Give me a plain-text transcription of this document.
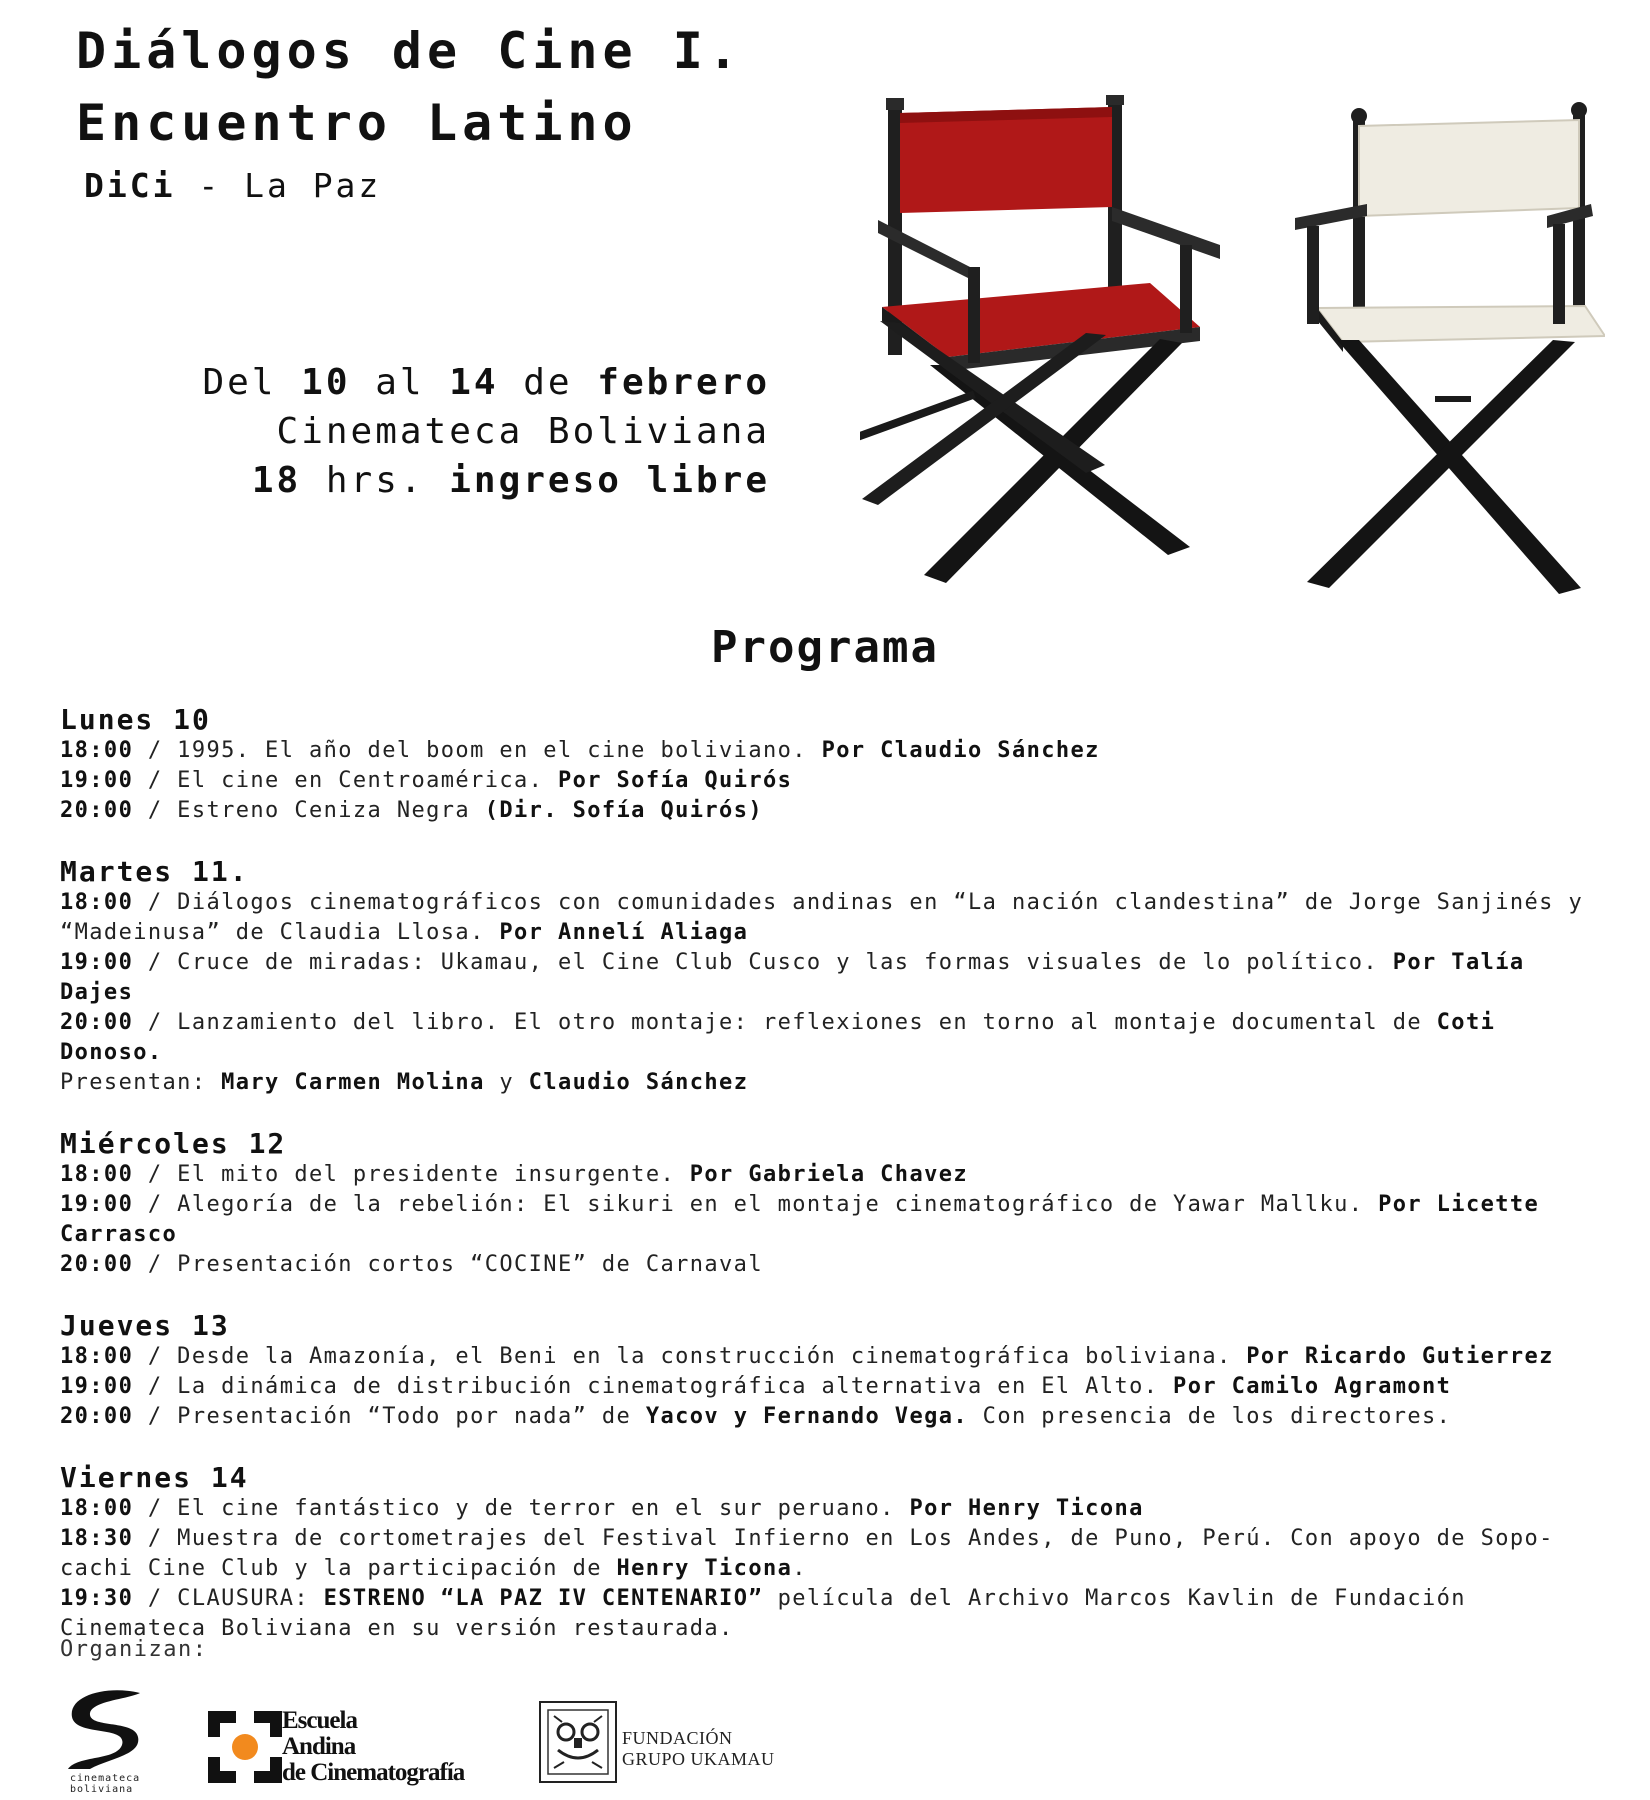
Diálogos de Cine I.
Encuentro Latino
DiCi - La Paz
Del 10 al 14 de febrero
Cinemateca Boliviana
18 hrs. ingreso libre
Programa
Lunes 10
18:00 / 1995. El año del boom en el cine boliviano. Por Claudio Sánchez
19:00 / El cine en Centroamérica. Por Sofía Quirós
20:00 / Estreno Ceniza Negra (Dir. Sofía Quirós)
Martes 11.
18:00 / Diálogos cinematográficos con comunidades andinas en “La nación clandestina” de Jorge Sanjinés y “Madeinusa” de Claudia Llosa. Por Annelí Aliaga
19:00 / Cruce de miradas: Ukamau, el Cine Club Cusco y las formas visuales de lo político. Por Talía Dajes
20:00 / Lanzamiento del libro. El otro montaje: reflexiones en torno al montaje documental de Coti Donoso.
Presentan: Mary Carmen Molina y Claudio Sánchez
Miércoles 12
18:00 / El mito del presidente insurgente. Por Gabriela Chavez
19:00 / Alegoría de la rebelión: El sikuri en el montaje cinematográfico de Yawar Mallku. Por Licette Carrasco
20:00 / Presentación cortos “COCINE” de Carnaval
Jueves 13
18:00 / Desde la Amazonía, el Beni en la construcción cinematográfica boliviana. Por Ricardo Gutierrez
19:00 / La dinámica de distribución cinematográfica alternativa en El Alto. Por Camilo Agramont
20:00 / Presentación “Todo por nada” de Yacov y Fernando Vega. Con presencia de los directores.
Viernes 14
18:00 / El cine fantástico y de terror en el sur peruano. Por Henry Ticona
18:30 / Muestra de cortometrajes del Festival Infierno en Los Andes, de Puno, Perú. Con apoyo de Sopo-cachi Cine Club y la participación de Henry Ticona.
19:30 / CLAUSURA: ESTRENO “LA PAZ IV CENTENARIO” película del Archivo Marcos Kavlin de Fundación Cinemateca Boliviana en su versión restaurada.
Organizan:
cinemateca
boliviana
Escuela
Andina
de Cinematografía
FUNDACIÓN
GRUPO UKAMAU
